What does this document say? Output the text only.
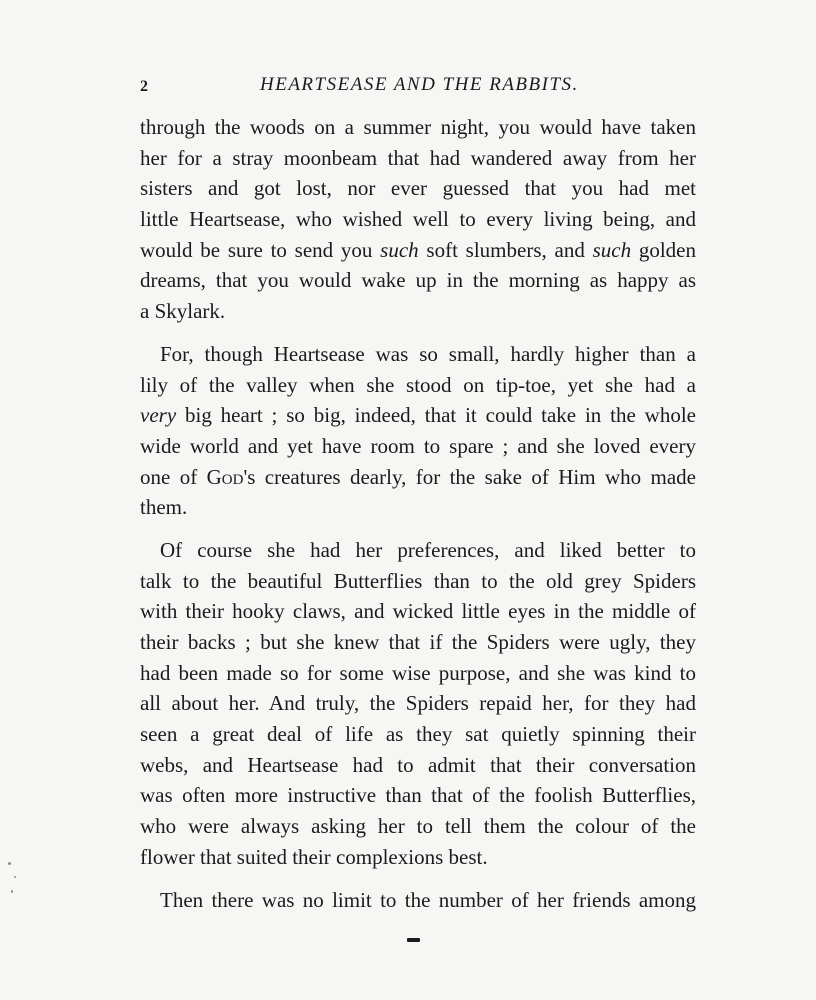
2	HEARTSEASE AND THE RABBITS.
through the woods on a summer night, you would have taken
her for a stray moonbeam that had wandered away from her
sisters and got lost, nor ever guessed that you had met
little Heartsease, who wished well to every living being, and
would be sure to send you such soft slumbers, and such golden
dreams, that you would wake up in the morning as happy as
a Skylark.
For, though Heartsease was so small, hardly higher than a
lily of the valley when she stood on tip-toe, yet she had a
very big heart ; so big, indeed, that it could take in the whole
wide world and yet have room to spare ; and she loved every
one of God's creatures dearly, for the sake of Him who made
them.
Of course she had her preferences, and liked better to
talk to the beautiful Butterflies than to the old grey Spiders
with their hooky claws, and wicked little eyes in the middle of
their backs ; but she knew that if the Spiders were ugly, they
had been made so for some wise purpose, and she was kind to
all about her. And truly, the Spiders repaid her, for they had
seen a great deal of life as they sat quietly spinning their
webs, and Heartsease had to admit that their conversation
was often more instructive than that of the foolish Butterflies,
who were always asking her to tell them the colour of the
flower that suited their complexions best.
Then there was no limit to the number of her friends among
